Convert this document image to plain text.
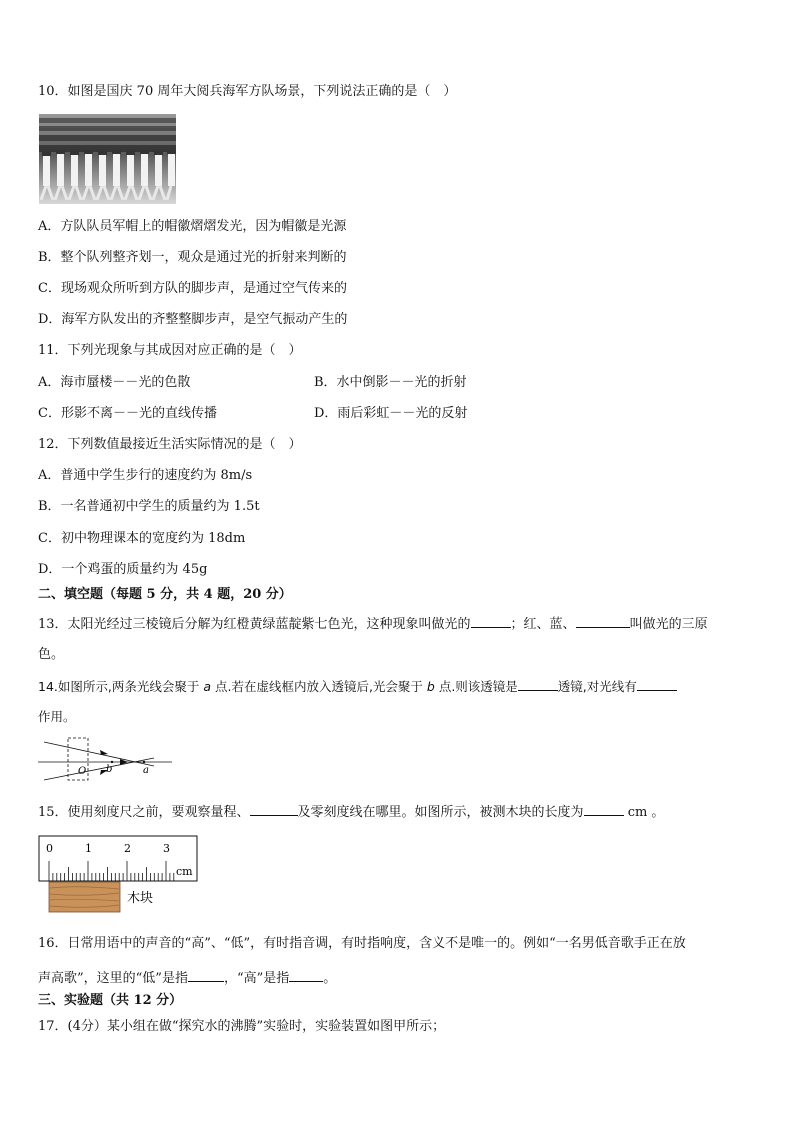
10．如图是国庆 70 周年大阅兵海军方队场景，下列说法正确的是（　）
A．方队队员军帽上的帽徽熠熠发光，因为帽徽是光源
B．整个队列整齐划一，观众是通过光的折射来判断的
C．现场观众所听到方队的脚步声，是通过空气传来的
D．海军方队发出的齐整整脚步声，是空气振动产生的
11．下列光现象与其成因对应正确的是（　）
A．海市蜃楼－－光的色散	B．水中倒影－－光的折射
C．形影不离－－光的直线传播	D．雨后彩虹－－光的反射
12．下列数值最接近生活实际情况的是（　）
A．普通中学生步行的速度约为 8m/s
B．一名普通初中学生的质量约为 1.5t
C．初中物理课本的宽度约为 18dm
D．一个鸡蛋的质量约为 45g
二、填空题（每题 5 分，共 4 题，20 分）
13．太阳光经过三棱镜后分解为红橙黄绿蓝靛紫七色光，这种现象叫做光的	；红、蓝、	叫做光的三原
色。
14.如图所示,两条光线会聚于 a 点.若在虚线框内放入透镜后,光会聚于 b 点.则该透镜是	透镜,对光线有
作用。
O b	a
15．使用刻度尺之前，要观察量程、	及零刻度线在哪里。如图所示，被测木块的长度为	cm 。
0	1	2	3
cm
木块
16．日常用语中的声音的“高”、“低”，有时指音调，有时指响度，含义不是唯一的。例如“一名男低音歌手正在放
声高歌”，这里的“低”是指	，“高”是指	。
三、实验题（共 12 分）
17．(4分）某小组在做“探究水的沸腾”实验时，实验装置如图甲所示；
